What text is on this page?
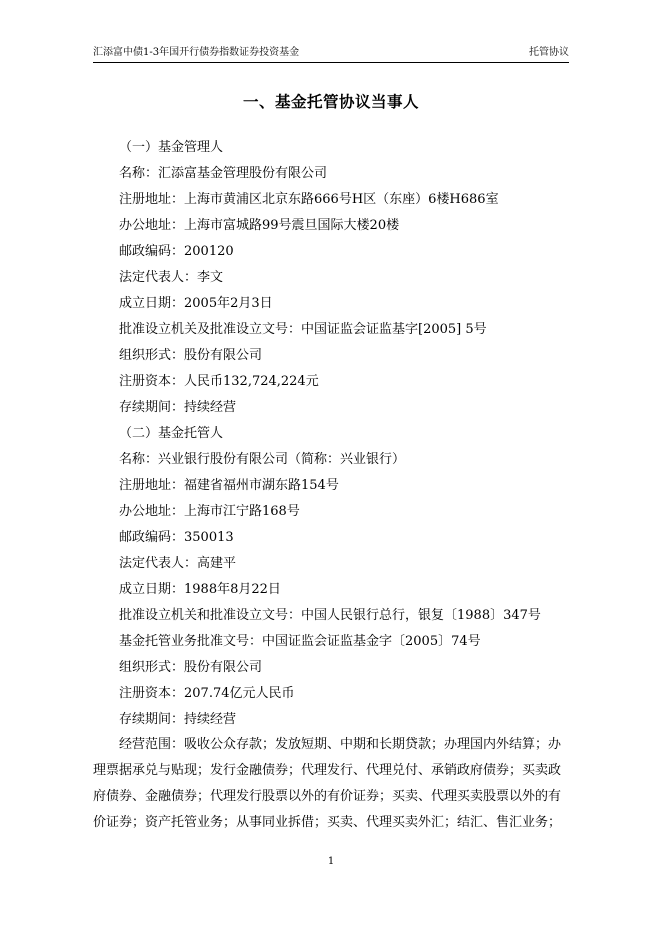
汇添富中债1-3年国开行债券指数证券投资基金	托管协议
一、基金托管协议当事人
（一）基金管理人
名称：汇添富基金管理股份有限公司
注册地址：上海市黄浦区北京东路666号H区（东座）6楼H686室
办公地址：上海市富城路99号震旦国际大楼20楼
邮政编码：200120
法定代表人：李文
成立日期：2005年2月3日
批准设立机关及批准设立文号：中国证监会证监基字[2005] 5号
组织形式：股份有限公司
注册资本：人民币132,724,224元
存续期间：持续经营
（二）基金托管人
名称：兴业银行股份有限公司（简称：兴业银行）
注册地址：福建省福州市湖东路154号
办公地址：上海市江宁路168号
邮政编码：350013
法定代表人：高建平
成立日期：1988年8月22日
批准设立机关和批准设立文号：中国人民银行总行，银复〔1988〕347号
基金托管业务批准文号：中国证监会证监基金字〔2005〕74号
组织形式：股份有限公司
注册资本：207.74亿元人民币
存续期间：持续经营
经营范围：吸收公众存款；发放短期、中期和长期贷款；办理国内外结算；办
理票据承兑与贴现；发行金融债券；代理发行、代理兑付、承销政府债券；买卖政
府债券、金融债券；代理发行股票以外的有价证券；买卖、代理买卖股票以外的有
价证券；资产托管业务；从事同业拆借；买卖、代理买卖外汇；结汇、售汇业务；
1
